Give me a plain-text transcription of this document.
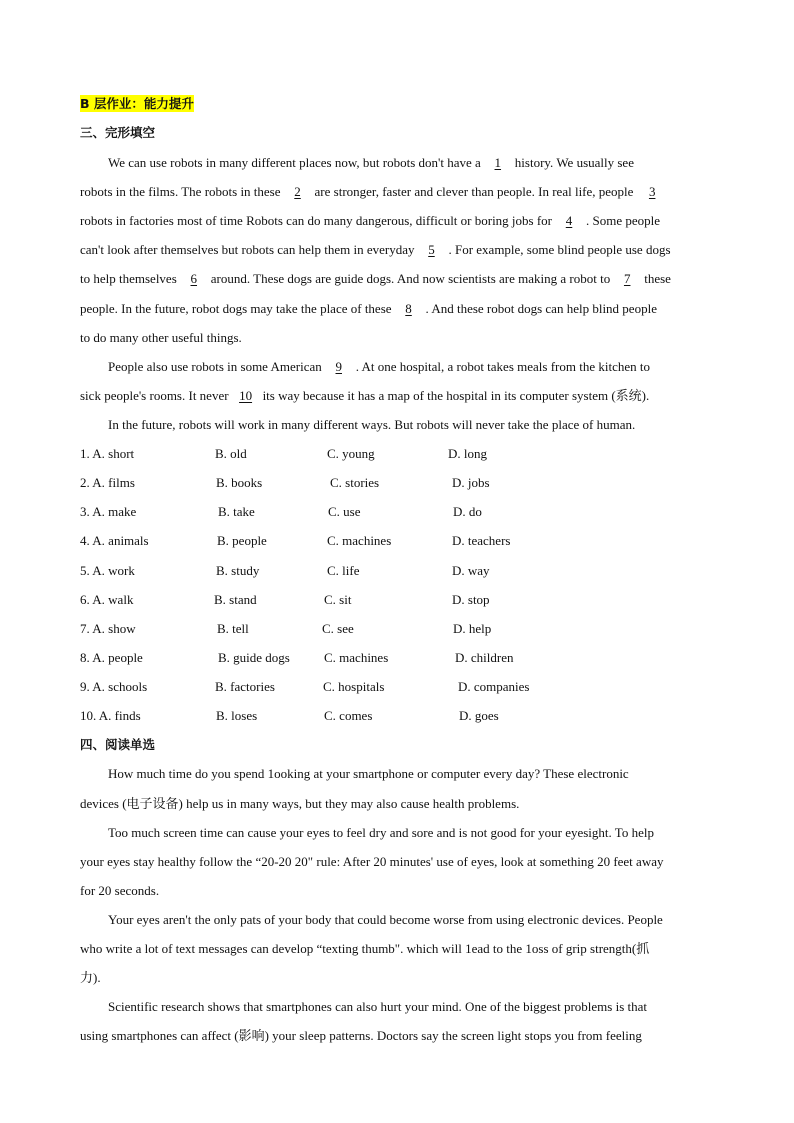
B 层作业：能力提升
三、完形填空
We can use robots in many different places now, but robots don't have a 1 history. We usually see
robots in the films. The robots in these 2 are stronger, faster and clever than people. In real life, people 3
robots in factories most of time Robots can do many dangerous, difficult or boring jobs for 4 . Some people
can't look after themselves but robots can help them in everyday 5 . For example, some blind people use dogs
to help themselves 6 around. These dogs are guide dogs. And now scientists are making a robot to 7 these
people. In the future, robot dogs may take the place of these 8 . And these robot dogs can help blind people
to do many other useful things.
People also use robots in some American 9 . At one hospital, a robot takes meals from the kitchen to
sick people's rooms. It never 10 its way because it has a map of the hospital in its computer system (系统).
In the future, robots will work in many different ways. But robots will never take the place of human.
1. A. short	B. old	C. young	D. long
2. A. films	B. books	C. stories	D. jobs
3. A. make	B. take	C. use	D. do
4. A. animals	B. people	C. machines	D. teachers
5. A. work	B. study	C. life	D. way
6. A. walk	B. stand	C. sit	D. stop
7. A. show	B. tell	C. see	D. help
8. A. people	B. guide dogs	C. machines	D. children
9. A. schools	B. factories	C. hospitals	D. companies
10. A. finds	B. loses	C. comes	D. goes
四、阅读单选
How much time do you spend 1ooking at your smartphone or computer every day? These electronic
devices (电子设备) help us in many ways, but they may also cause health problems.
Too much screen time can cause your eyes to feel dry and sore and is not good for your eyesight. To help
your eyes stay healthy follow the “20-20 20" rule: After 20 minutes' use of eyes, look at something 20 feet away
for 20 seconds.
Your eyes aren't the only pats of your body that could become worse from using electronic devices. People
who write a lot of text messages can develop “texting thumb". which will 1ead to the 1oss of grip strength(抓
力).
Scientific research shows that smartphones can also hurt your mind. One of the biggest problems is that
using smartphones can affect (影响) your sleep patterns. Doctors say the screen light stops you from feeling
